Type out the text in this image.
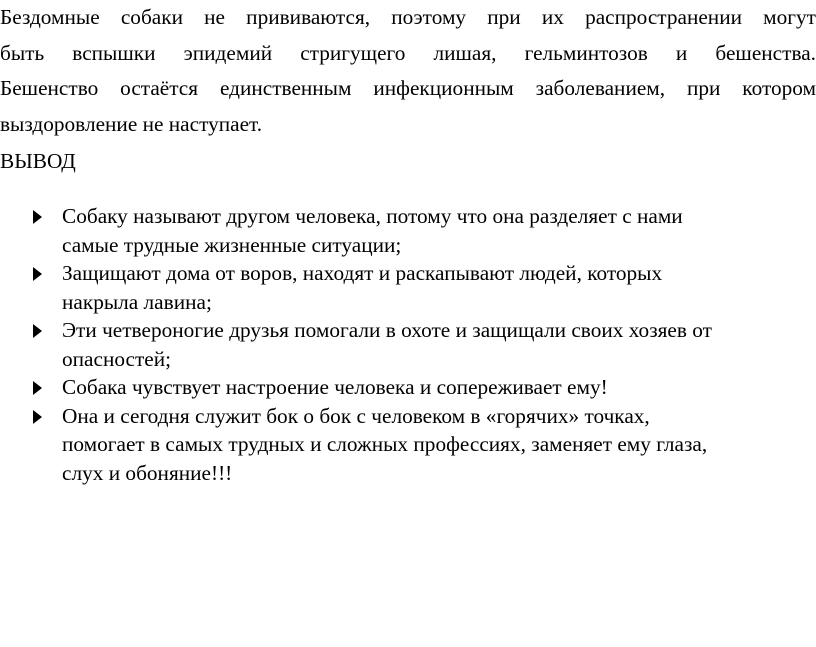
Бездомные собаки не прививаются, поэтому при их распространении могут
быть вспышки эпидемий стригущего лишая, гельминтозов и бешенства.
Бешенство остаётся единственным инфекционным заболеванием, при котором
выздоровление не наступает.

ВЫВОД
Собаку называют другом человека, потому что она разделяет с нами
самые трудные жизненные ситуации;
Защищают дома от воров, находят и раскапывают людей, которых
накрыла лавина;
Эти четвероногие друзья помогали в охоте и защищали своих хозяев от
опасностей;
Собака чувствует настроение человека и сопереживает ему!
Она и сегодня служит бок о бок с человеком в «горячих» точках,
помогает в самых трудных и сложных профессиях, заменяет ему глаза,
слух и обоняние!!!
